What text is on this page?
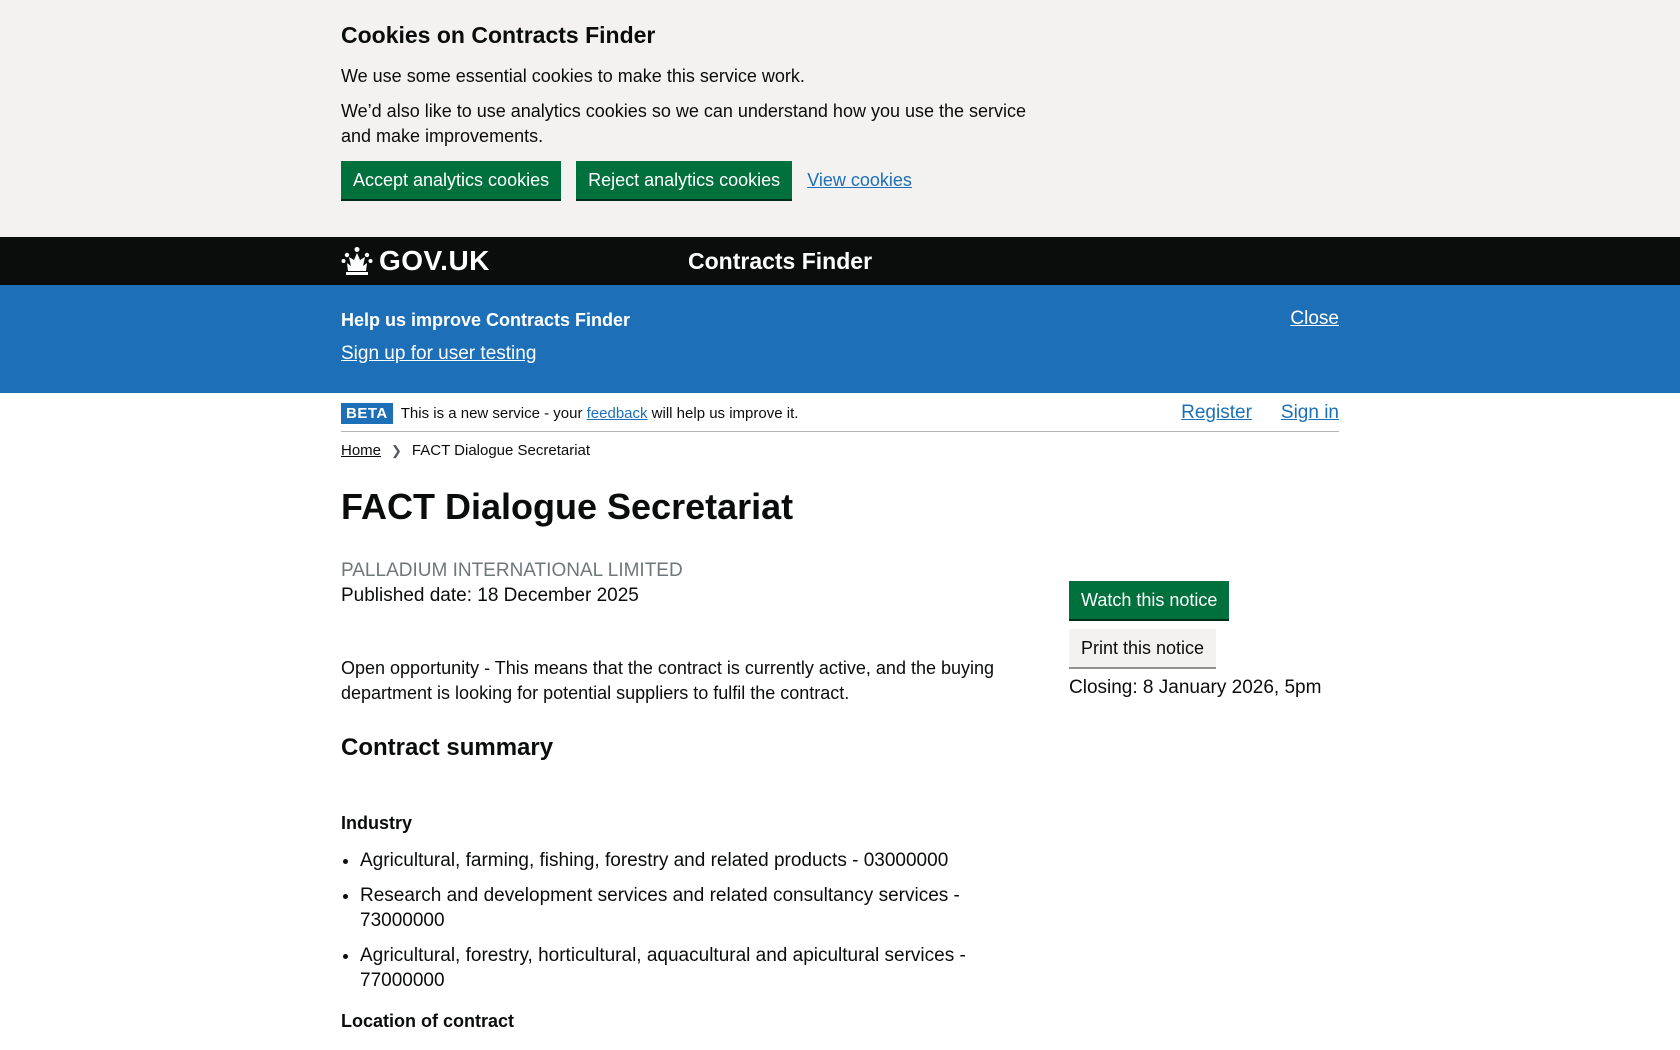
Cookies on Contracts Finder

We use some essential cookies to make this service work.

We’d also like to use analytics cookies so we can understand how you use the service and make improvements.

Accept analytics cookies	Reject analytics cookies	View cookies
GOV.UK	Contracts Finder
Help us improve Contracts Finder
Sign up for user testing
Close
BETA This is a new service - your feedback will help us improve it.	Register Sign in
Home ❯ FACT Dialogue Secretariat
FACT Dialogue Secretariat
PALLADIUM INTERNATIONAL LIMITED
Published date: 18 December 2025

Open opportunity - This means that the contract is currently active, and the buying department is looking for potential suppliers to fulfil the contract.

Contract summary
Industry
• Agricultural, farming, fishing, forestry and related products - 03000000
• Research and development services and related consultancy services - 73000000
• Agricultural, forestry, horticultural, aquacultural and apicultural services - 77000000
Location of contract
Watch this notice
Print this notice
Closing: 8 January 2026, 5pm
